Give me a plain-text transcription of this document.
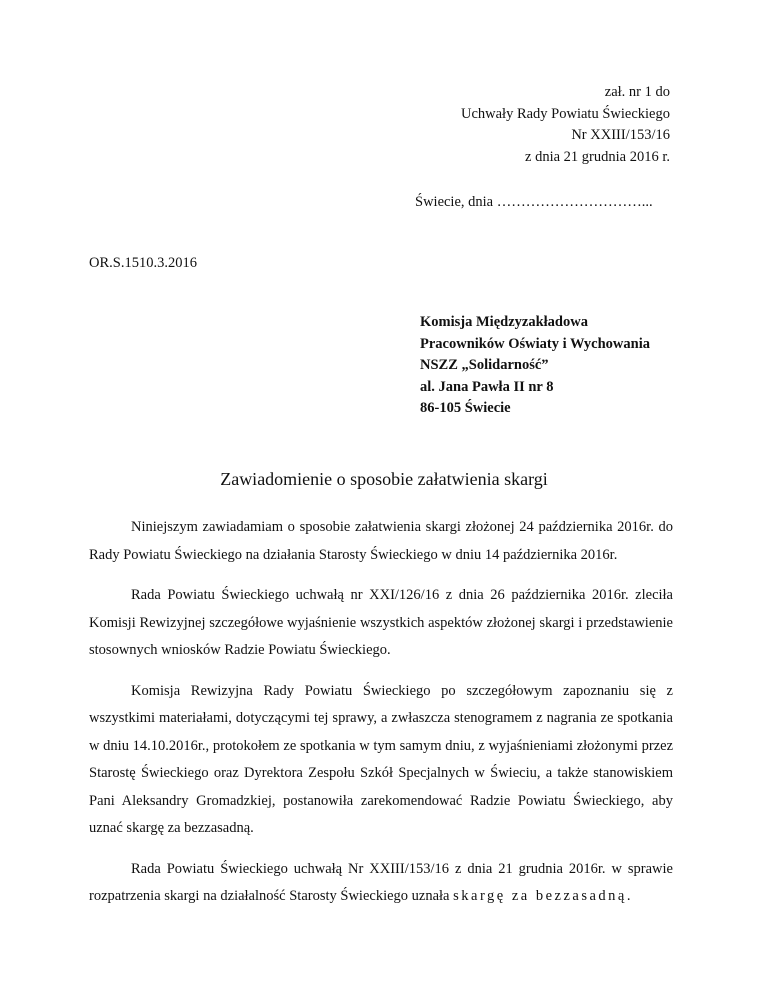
zał. nr 1 do
Uchwały Rady Powiatu Świeckiego
Nr XXIII/153/16
z dnia 21 grudnia 2016 r.
Świecie, dnia …………………………...
OR.S.1510.3.2016
Komisja Międzyzakładowa
Pracowników Oświaty i Wychowania
NSZZ „Solidarność”
al. Jana Pawła II nr 8
86-105 Świecie
Zawiadomienie o sposobie załatwienia skargi

Niniejszym zawiadamiam o sposobie załatwienia skargi złożonej 24 października 2016r. do Rady Powiatu Świeckiego na działania Starosty Świeckiego w dniu 14 października 2016r.

Rada Powiatu Świeckiego uchwałą nr XXI/126/16 z dnia 26 października 2016r. zleciła Komisji Rewizyjnej szczegółowe wyjaśnienie wszystkich aspektów złożonej skargi i przedstawienie stosownych wniosków Radzie Powiatu Świeckiego.

Komisja Rewizyjna Rady Powiatu Świeckiego po szczegółowym zapoznaniu się z wszystkimi materiałami, dotyczącymi tej sprawy, a zwłaszcza stenogramem z nagrania ze spotkania w dniu 14.10.2016r., protokołem ze spotkania w tym samym dniu, z wyjaśnieniami złożonymi przez Starostę Świeckiego oraz Dyrektora Zespołu Szkół Specjalnych w Świeciu, a także stanowiskiem Pani Aleksandry Gromadzkiej, postanowiła zarekomendować Radzie Powiatu Świeckiego, aby uznać skargę za bezzasadną.

Rada Powiatu Świeckiego uchwałą Nr XXIII/153/16 z dnia 21 grudnia 2016r. w sprawie rozpatrzenia skargi na działalność Starosty Świeckiego uznała skargę za bezzasadną.
